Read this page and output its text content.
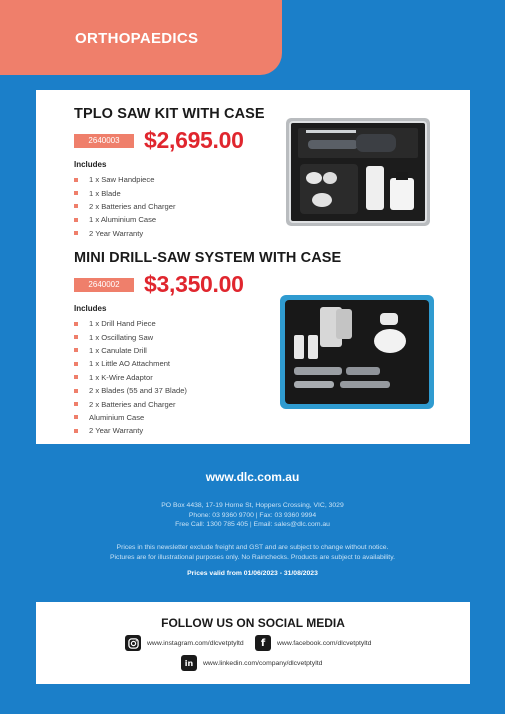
ORTHOPAEDICS
TPLO SAW KIT WITH CASE
2640003	$2,695.00
Includes
1 x Saw Handpiece
1 x Blade
2 x Batteries and Charger
1 x Aluminium Case
2 Year Warranty
MINI DRILL-SAW SYSTEM WITH CASE
2640002	$3,350.00
Includes
1 x Drill Hand Piece
1 x Oscillating Saw
1 x Canulate Drill
1 x Little AO Attachment
1 x K-Wire Adaptor
2 x Blades (55 and 37 Blade)
2 x Batteries and Charger
Aluminium Case
2 Year Warranty
www.dlc.com.au
PO Box 4438, 17-19 Horne St, Hoppers Crossing, VIC, 3029
Phone: 03 9360 9700 | Fax: 03 9360 9994
Free Call: 1300 785 405 | Email: sales@dlc.com.au
Prices in this newsletter exclude freight and GST and are subject to change without notice.
Pictures are for illustrational purposes only. No Rainchecks. Products are subject to availability.
Prices valid from 01/06/2023 - 31/08/2023
FOLLOW US ON SOCIAL MEDIA
www.instagram.com/dlcvetptyltd	f	www.facebook.com/dlcvetptyltd
in	www.linkedin.com/company/dlcvetptyltd
